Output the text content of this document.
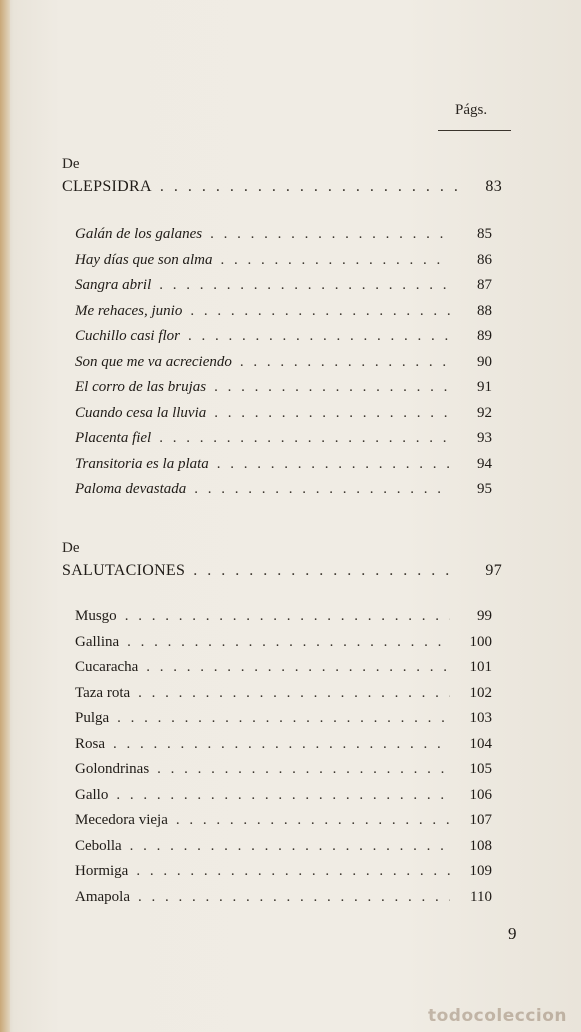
Págs.
De
CLEPSIDRA . . .	83
Galán de los galanes . . .	85
Hay días que son alma . . .	86
Sangra abril . . .	87
Me rehaces, junio . . .	88
Cuchillo casi flor . . .	89
Son que me va acreciendo . . .	90
El corro de las brujas . . .	91
Cuando cesa la lluvia . . .	92
Placenta fiel . . .	93
Transitoria es la plata . . .	94
Paloma devastada . . .	95
De
SALUTACIONES . . .	97
Musgo . . .	99
Gallina . . .	100
Cucaracha . . .	101
Taza rota . . .	102
Pulga . . .	103
Rosa . . .	104
Golondrinas . . .	105
Gallo . . .	106
Mecedora vieja . . .	107
Cebolla . . .	108
Hormiga . . .	109
Amapola . . .	110
9
todocoleccion
